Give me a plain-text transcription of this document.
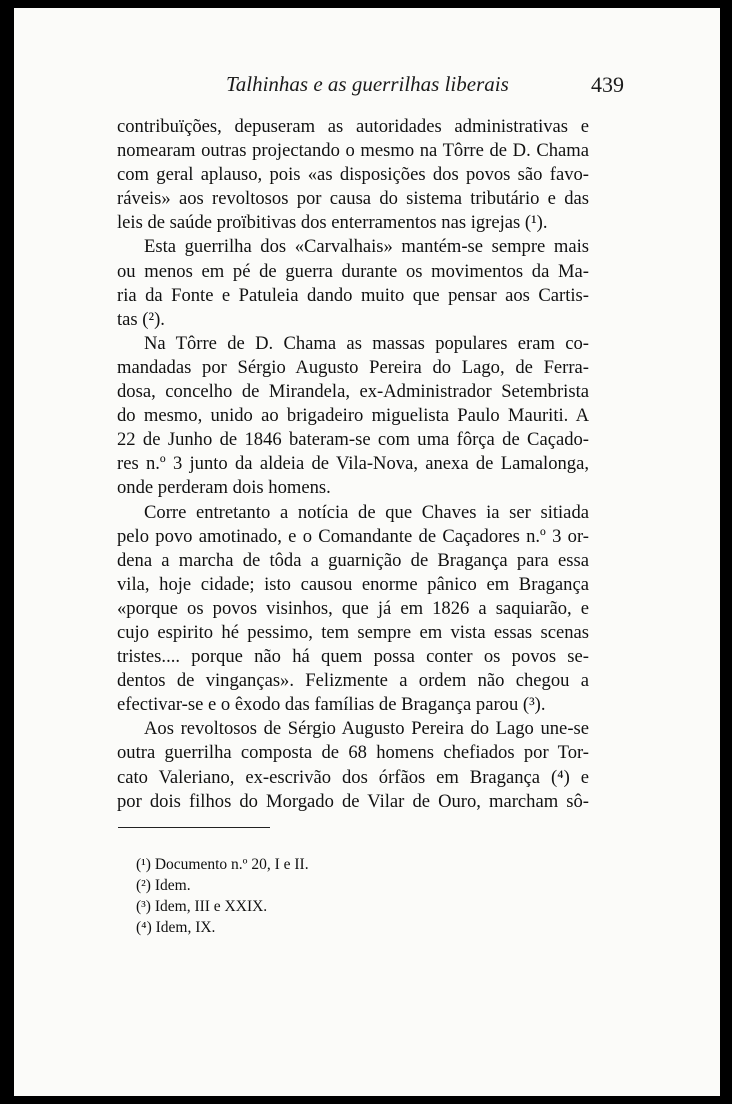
Talhinhas e as guerrilhas liberais	439
contribuïções, depuseram as autoridades administrativas e
nomearam outras projectando o mesmo na Tôrre de D. Chama
com geral aplauso, pois «as disposições dos povos são favo-
ráveis» aos revoltosos por causa do sistema tributário e das
leis de saúde proïbitivas dos enterramentos nas igrejas (¹).
Esta guerrilha dos «Carvalhais» mantém-se sempre mais
ou menos em pé de guerra durante os movimentos da Ma-
ria da Fonte e Patuleia dando muito que pensar aos Cartis-
tas (²).
Na Tôrre de D. Chama as massas populares eram co-
mandadas por Sérgio Augusto Pereira do Lago, de Ferra-
dosa, concelho de Mirandela, ex-Administrador Setembrista
do mesmo, unido ao brigadeiro miguelista Paulo Mauriti. A
22 de Junho de 1846 bateram-se com uma fôrça de Caçado-
res n.º 3 junto da aldeia de Vila-Nova, anexa de Lamalonga,
onde perderam dois homens.
Corre entretanto a notícia de que Chaves ia ser sitiada
pelo povo amotinado, e o Comandante de Caçadores n.º 3 or-
dena a marcha de tôda a guarnição de Bragança para essa
vila, hoje cidade; isto causou enorme pânico em Bragança
«porque os povos visinhos, que já em 1826 a saquiarão, e
cujo espirito hé pessimo, tem sempre em vista essas scenas
tristes.... porque não há quem possa conter os povos se-
dentos de vinganças». Felizmente a ordem não chegou a
efectivar-se e o êxodo das famílias de Bragança parou (³).
Aos revoltosos de Sérgio Augusto Pereira do Lago une-se
outra guerrilha composta de 68 homens chefiados por Tor-
cato Valeriano, ex-escrivão dos órfãos em Bragança (⁴) e
por dois filhos do Morgado de Vilar de Ouro, marcham sô-
(¹) Documento n.º 20, I e II.
(²) Idem.
(³) Idem, III e XXIX.
(⁴) Idem, IX.
